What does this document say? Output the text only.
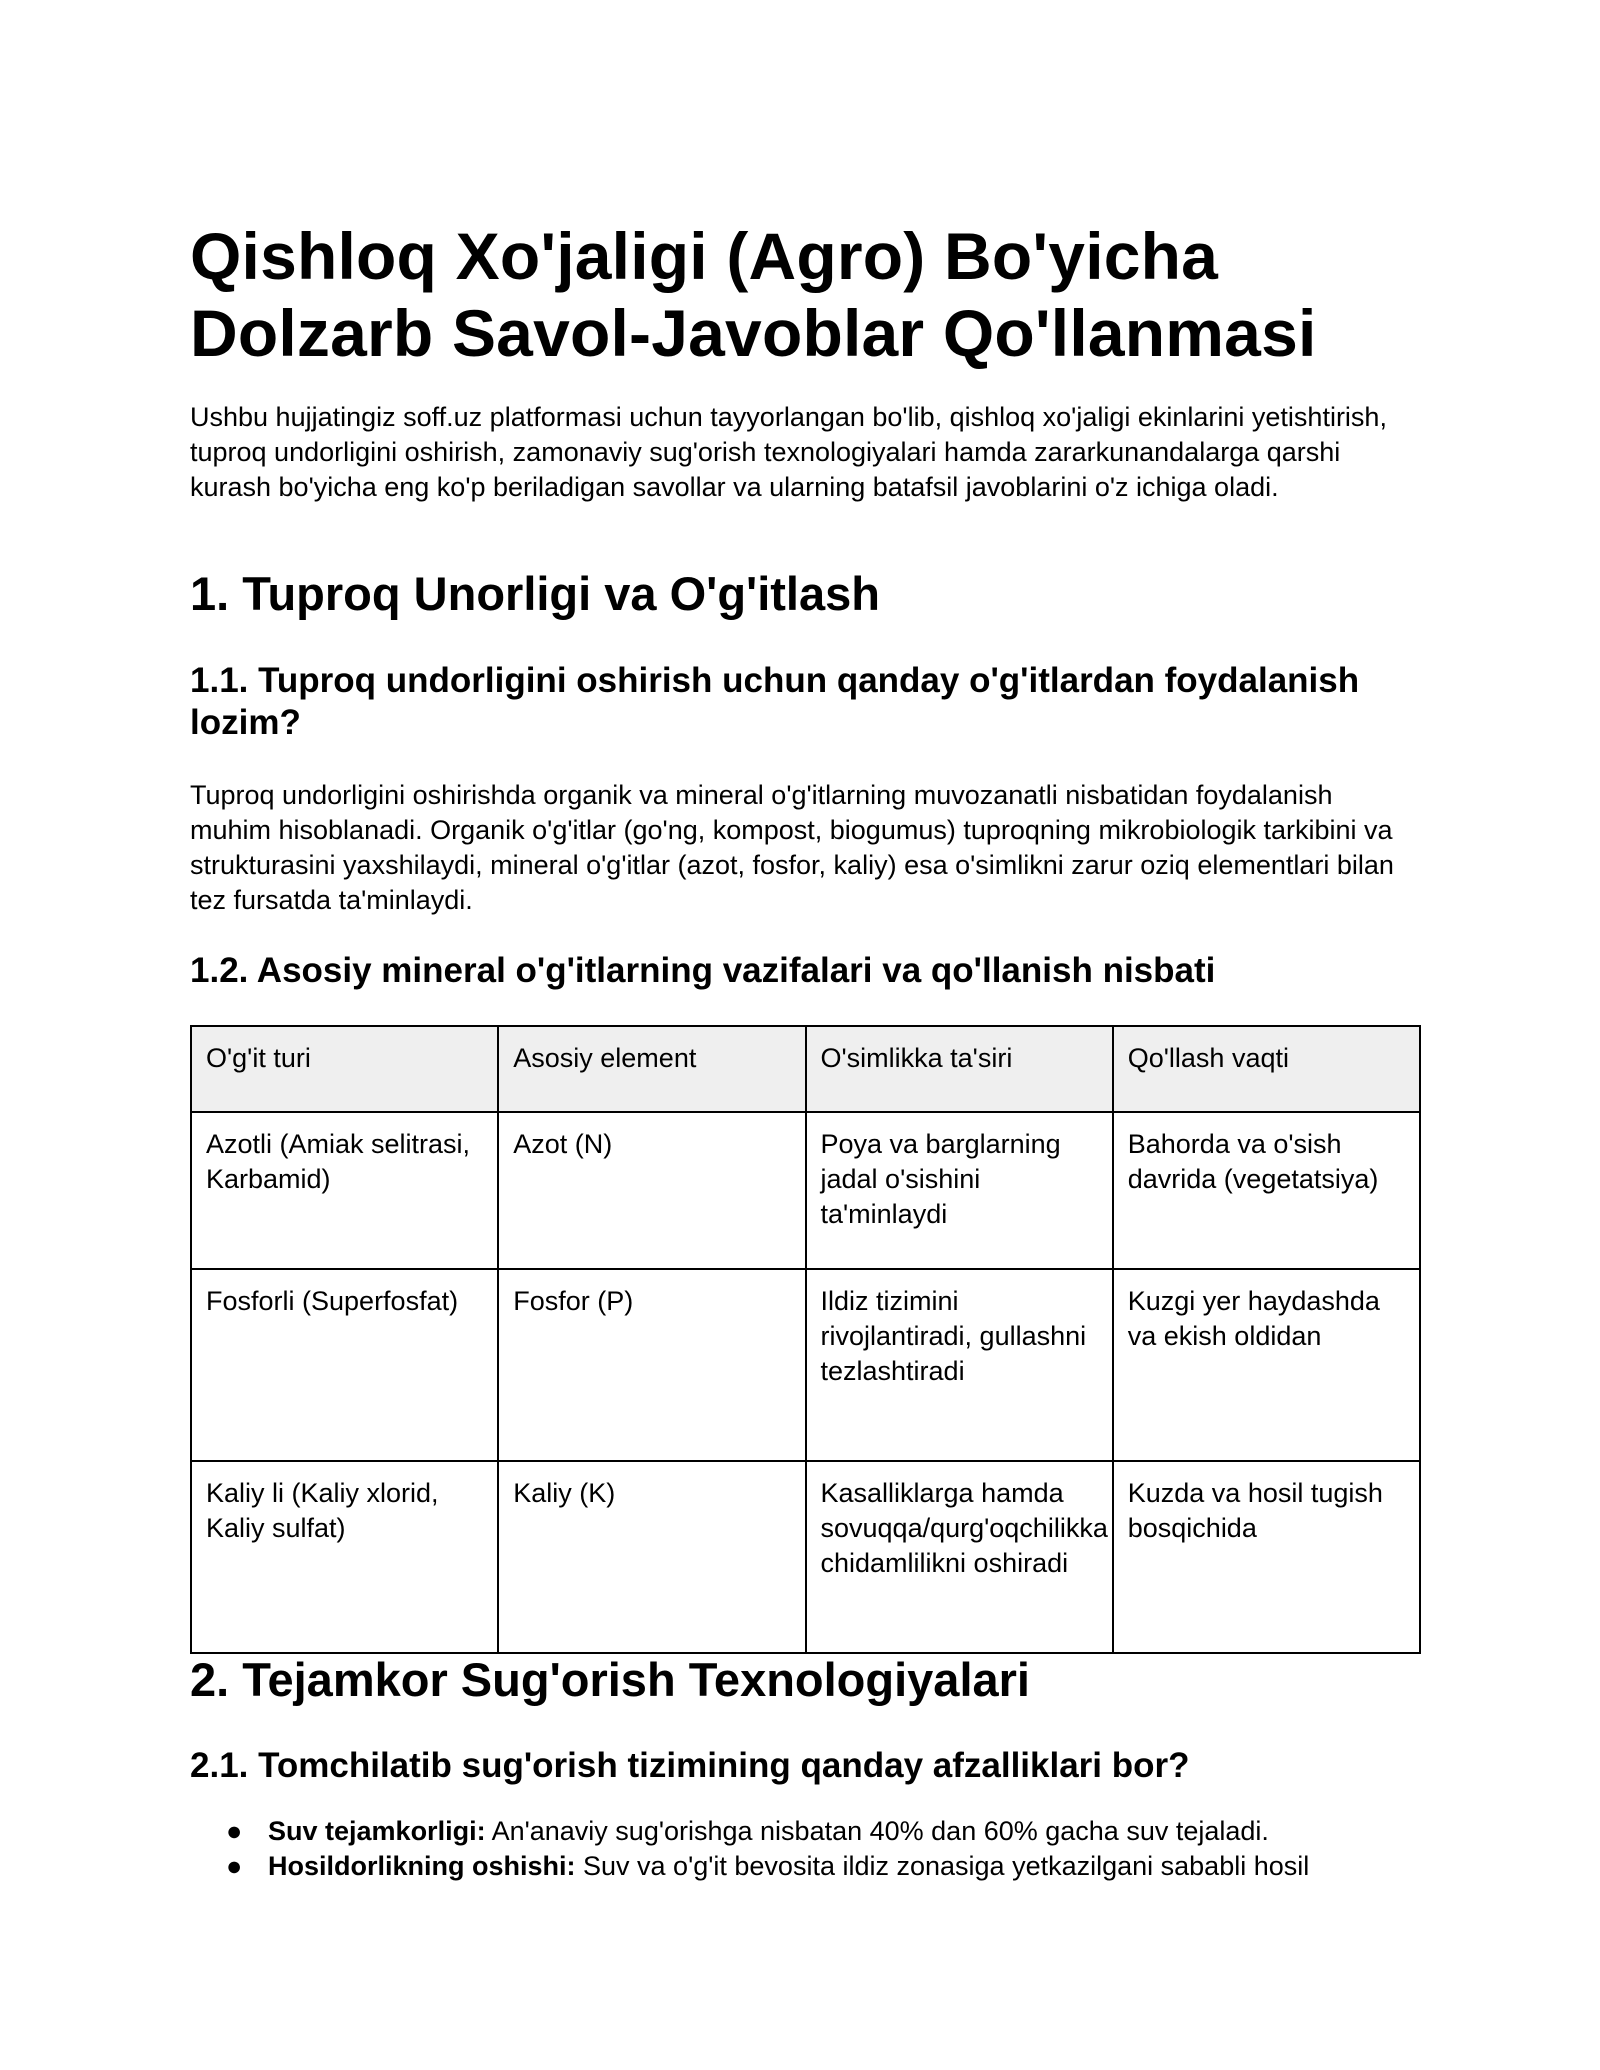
Qishloq Xo'jaligi (Agro) Bo'yicha Dolzarb Savol-Javoblar Qo'llanmasi

Ushbu hujjatingiz soff.uz platformasi uchun tayyorlangan bo'lib, qishloq xo'jaligi ekinlarini yetishtirish, tuproq undorligini oshirish, zamonaviy sug'orish texnologiyalari hamda zararkunandalarga qarshi kurash bo'yicha eng ko'p beriladigan savollar va ularning batafsil javoblarini o'z ichiga oladi.

1. Tuproq Unorligi va O'g'itlash
1.1. Tuproq undorligini oshirish uchun qanday o'g'itlardan foydalanish lozim?

Tuproq undorligini oshirishda organik va mineral o'g'itlarning muvozanatli nisbatidan foydalanish muhim hisoblanadi. Organik o'g'itlar (go'ng, kompost, biogumus) tuproqning mikrobiologik tarkibini va strukturasini yaxshilaydi, mineral o'g'itlar (azot, fosfor, kaliy) esa o'simlikni zarur oziq elementlari bilan tez fursatda ta'minlaydi.

1.2. Asosiy mineral o'g'itlarning vazifalari va qo'llanish nisbati
O'g'it turi	Asosiy element	O'simlikka ta'siri	Qo'llash vaqti
Azotli (Amiak selitrasi, Karbamid)	Azot (N)	Poya va barglarning jadal o'sishini ta'minlaydi	Bahorda va o'sish davrida (vegetatsiya)
Fosforli (Superfosfat)	Fosfor (P)	Ildiz tizimini rivojlantiradi, gullashni tezlashtiradi	Kuzgi yer haydashda va ekish oldidan
Kaliy li (Kaliy xlorid, Kaliy sulfat)	Kaliy (K)	Kasalliklarga hamda sovuqqa/qurg'oqchilikka chidamlilikni oshiradi	Kuzda va hosil tugish bosqichida
2. Tejamkor Sug'orish Texnologiyalari
2.1. Tomchilatib sug'orish tizimining qanday afzalliklari bor?
● Suv tejamkorligi: An'anaviy sug'orishga nisbatan 40% dan 60% gacha suv tejaladi.
● Hosildorlikning oshishi: Suv va o'g'it bevosita ildiz zonasiga yetkazilgani sababli hosil
